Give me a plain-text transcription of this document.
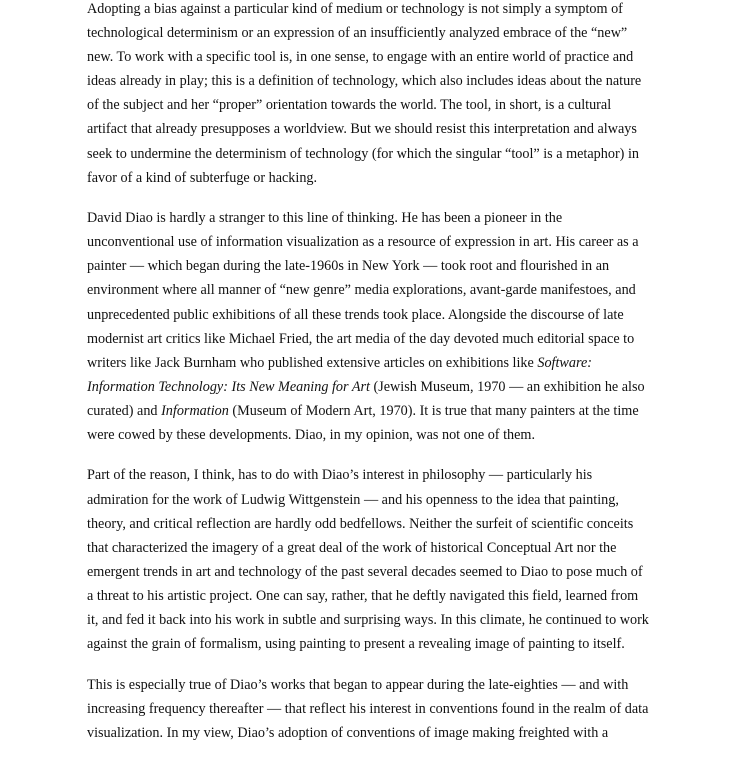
Adopting a bias against a particular kind of medium or technology is not simply a symptom of technological determinism or an expression of an insufficiently analyzed embrace of the “new” new. To work with a specific tool is, in one sense, to engage with an entire world of practice and ideas already in play; this is a definition of technology, which also includes ideas about the nature of the subject and her “proper” orientation towards the world. The tool, in short, is a cultural artifact that already presupposes a worldview. But we should resist this interpretation and always seek to undermine the determinism of technology (for which the singular “tool” is a metaphor) in favor of a kind of subterfuge or hacking.

David Diao is hardly a stranger to this line of thinking. He has been a pioneer in the unconventional use of information visualization as a resource of expression in art. His career as a painter — which began during the late-1960s in New York — took root and flourished in an environment where all manner of “new genre” media explorations, avant-garde manifestoes, and unprecedented public exhibitions of all these trends took place. Alongside the discourse of late modernist art critics like Michael Fried, the art media of the day devoted much editorial space to writers like Jack Burnham who published extensive articles on exhibitions like Software: Information Technology: Its New Meaning for Art (Jewish Museum, 1970 — an exhibition he also curated) and Information (Museum of Modern Art, 1970). It is true that many painters at the time were cowed by these developments. Diao, in my opinion, was not one of them.

Part of the reason, I think, has to do with Diao’s interest in philosophy — particularly his admiration for the work of Ludwig Wittgenstein — and his openness to the idea that painting, theory, and critical reflection are hardly odd bedfellows. Neither the surfeit of scientific conceits that characterized the imagery of a great deal of the work of historical Conceptual Art nor the emergent trends in art and technology of the past several decades seemed to Diao to pose much of a threat to his artistic project. One can say, rather, that he deftly navigated this field, learned from it, and fed it back into his work in subtle and surprising ways. In this climate, he continued to work against the grain of formalism, using painting to present a revealing image of painting to itself.

This is especially true of Diao’s works that began to appear during the late-eighties — and with increasing frequency thereafter — that reflect his interest in conventions found in the realm of data visualization. In my view, Diao’s adoption of conventions of image making freighted with a
